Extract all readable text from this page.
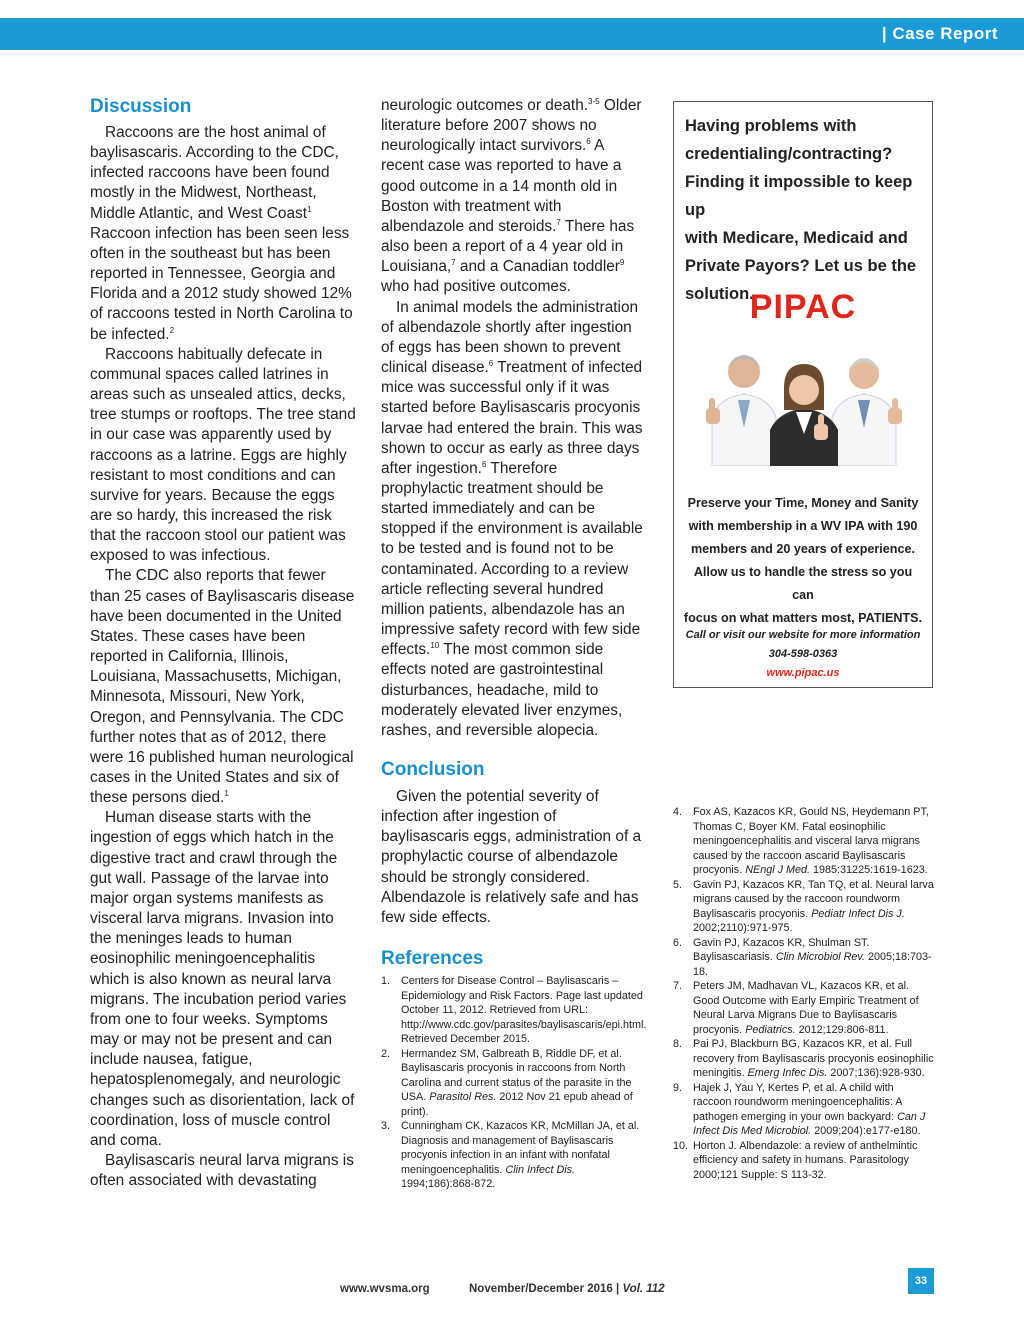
| Case Report
Discussion

Raccoons are the host animal of baylisascaris. According to the CDC, infected raccoons have been found mostly in the Midwest, Northeast, Middle Atlantic, and West Coast$^1$ Raccoon infection has been seen less often in the southeast but has been reported in Tennessee, Georgia and Florida and a 2012 study showed 12% of raccoons tested in North Carolina to be infected.$^2$

Raccoons habitually defecate in communal spaces called latrines in areas such as unsealed attics, decks, tree stumps or rooftops. The tree stand in our case was apparently used by raccoons as a latrine. Eggs are highly resistant to most conditions and can survive for years. Because the eggs are so hardy, this increased the risk that the raccoon stool our patient was exposed to was infectious.

The CDC also reports that fewer than 25 cases of Baylisascaris disease have been documented in the United States. These cases have been reported in California, Illinois, Louisiana, Massachusetts, Michigan, Minnesota, Missouri, New York, Oregon, and Pennsylvania. The CDC further notes that as of 2012, there were 16 published human neurological cases in the United States and six of these persons died.$^1$

Human disease starts with the ingestion of eggs which hatch in the digestive tract and crawl through the gut wall. Passage of the larvae into major organ systems manifests as visceral larva migrans. Invasion into the meninges leads to human eosinophilic meningoencephalitis which is also known as neural larva migrans. The incubation period varies from one to four weeks. Symptoms may or may not be present and can include nausea, fatigue, hepatosplenomegaly, and neurologic changes such as disorientation, lack of coordination, loss of muscle control and coma.

Baylisascaris neural larva migrans is often associated with devastating

neurologic outcomes or death.$^{3-5}$ Older literature before 2007 shows no neurologically intact survivors.$^6$ A recent case was reported to have a good outcome in a 14 month old in Boston with treatment with albendazole and steroids.$^7$ There has also been a report of a 4 year old in Louisiana,$^7$ and a Canadian toddler$^9$ who had positive outcomes.

In animal models the administration of albendazole shortly after ingestion of eggs has been shown to prevent clinical disease.$^6$ Treatment of infected mice was successful only if it was started before Baylisascaris procyonis larvae had entered the brain. This was shown to occur as early as three days after ingestion.$^6$ Therefore prophylactic treatment should be started immediately and can be stopped if the environment is available to be tested and is found not to be contaminated. According to a review article reflecting several hundred million patients, albendazole has an impressive safety record with few side effects.$^{10}$ The most common side effects noted are gastrointestinal disturbances, headache, mild to moderately elevated liver enzymes, rashes, and reversible alopecia.

Conclusion

Given the potential severity of infection after ingestion of baylisascaris eggs, administration of a prophylactic course of albendazole should be strongly considered. Albendazole is relatively safe and has few side effects.

References
1. Centers for Disease Control – Baylisascaris – Epidemiology and Risk Factors. Page last updated October 11, 2012. Retrieved from URL: http://www.cdc.gov/parasites/baylisascaris/epi.html. Retrieved December 2015.
2. Hermandez SM, Galbreath B, Riddle DF, et al. Baylisascaris procyonis in raccoons from North Carolina and current status of the parasite in the USA. Parasitol Res. 2012 Nov 21 epub ahead of print).
3. Cunningham CK, Kazacos KR, McMillan JA, et al. Diagnosis and management of Baylisascaris procyonis infection in an infant with nonfatal meningoencephalitis. Clin Infect Dis. 1994;186):868-872.
4. Fox AS, Kazacos KR, Gould NS, Heydemann PT, Thomas C, Boyer KM. Fatal eosinophilic meningoencephalitis and visceral larva migrans caused by the raccoon ascarid Baylisascaris procyonis. NEngl J Med. 1985:31225:1619-1623.
5. Gavin PJ, Kazacos KR, Tan TQ, et al. Neural larva migrans caused by the raccoon roundworm Baylisascaris procyonis. Pediatr Infect Dis J. 2002;2110):971-975.
6. Gavin PJ, Kazacos KR, Shulman ST. Baylisascariasis. Clin Microbiol Rev. 2005;18:703-18.
7. Peters JM, Madhavan VL, Kazacos KR, et al. Good Outcome with Early Empiric Treatment of Neural Larva Migrans Due to Baylisascaris procyonis. Pediatrics. 2012;129:806-811.
8. Pai PJ, Blackburn BG, Kazacos KR, et al. Full recovery from Baylisascaris procyonis eosinophilic meningitis. Emerg Infec Dis. 2007;136):928-930.
9. Hajek J, Yau Y, Kertes P, et al. A child with raccoon roundworm meningoencephalitis: A pathogen emerging in your own backyard: Can J Infect Dis Med Microbiol. 2009;204):e177-e180.
10. Horton J. Albendazole: a review of anthelmintic efficiency and safety in humans. Parasitology 2000;121 Supple: S 113-32.
Having problems with
credentialing/contracting?
Finding it impossible to keep up
with Medicare, Medicaid and
Private Payors? Let us be the
solution.
PIPAC
Preserve your Time, Money and Sanity
with membership in a WV IPA with 190
members and 20 years of experience.
Allow us to handle the stress so you can
focus on what matters most, PATIENTS.
Call or visit our website for more information
304-598-0363
www.pipac.us
www.wvsma.org	November/December 2016 | Vol. 112
33
